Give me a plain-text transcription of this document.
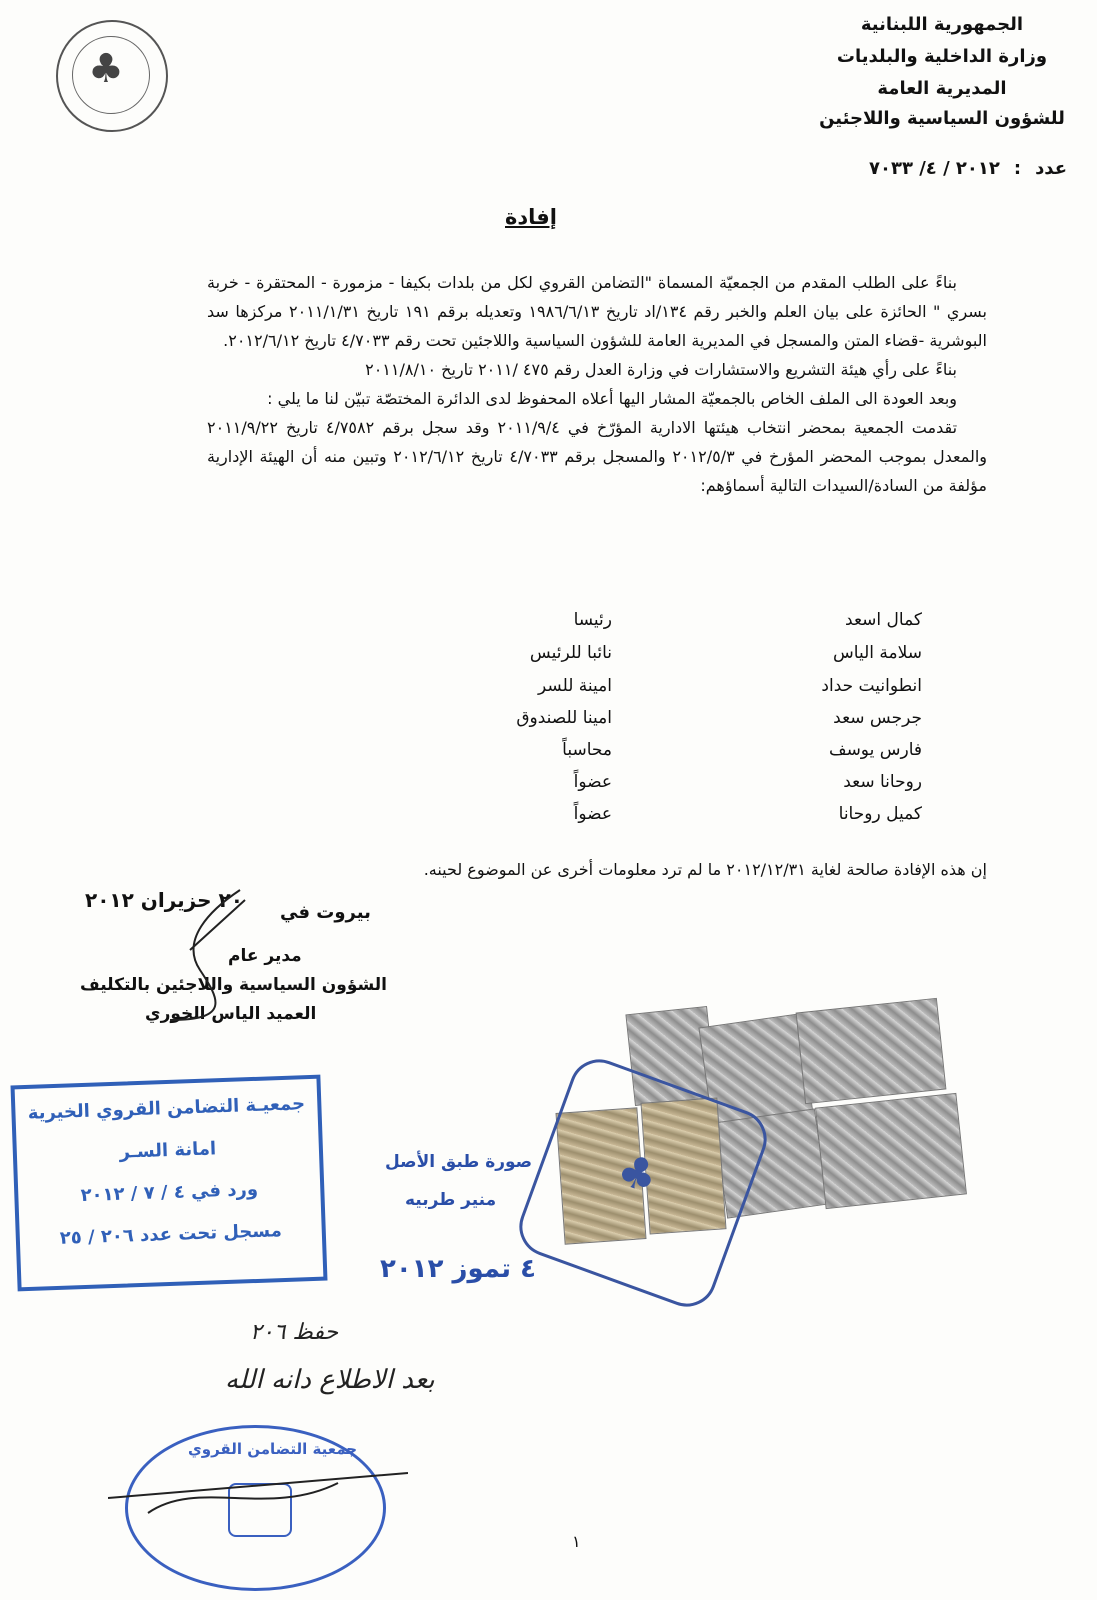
♣
الجمهورية اللبنانية
وزارة الداخلية والبلديات
المديرية العامة
للشؤون السياسية واللاجئين
عدد
:
٢٠١٢ / ٤/ ٧٠٣٣
إفادة

بناءً على الطلب المقدم من الجمعيّة المسماة "التضامن القروي لكل من بلدات بكيفا - مزمورة - المحتقرة - خربة بسري " الحائزة على بيان العلم والخبر رقم ١٣٤/اد تاريخ ١٩٨٦/٦/١٣ وتعديله برقم ١٩١ تاريخ ٢٠١١/١/٣١ مركزها سد البوشرية -قضاء المتن والمسجل في المديرية العامة للشؤون السياسية واللاجئين تحت رقم ٤/٧٠٣٣ تاريخ ٢٠١٢/٦/١٢.

بناءً على رأي هيئة التشريع والاستشارات في وزارة العدل رقم ٤٧٥ /٢٠١١ تاريخ ٢٠١١/٨/١٠

وبعد العودة الى الملف الخاص بالجمعيّة المشار اليها أعلاه المحفوظ لدى الدائرة المختصّة تبيّن لنا ما يلي :

تقدمت الجمعية بمحضر انتخاب هيئتها الادارية المؤرّخ في ٢٠١١/٩/٤ وقد سجل برقم ٤/٧٥٨٢ تاريخ ٢٠١١/٩/٢٢ والمعدل بموجب المحضر المؤرخ في ٢٠١٢/٥/٣ والمسجل برقم ٤/٧٠٣٣ تاريخ ٢٠١٢/٦/١٢ وتبين منه أن الهيئة الإدارية مؤلفة من السادة/السيدات التالية أسماؤهم:

كمال اسعد
رئيسا
سلامة الياس
نائبا للرئيس
انطوانيت حداد
امينة للسر
جرجس سعد
امينا للصندوق
فارس يوسف
محاسباً
روحانا سعد
عضواً
كميل روحانا
عضواً
إن هذه الإفادة صالحة لغاية ٢٠١٢/١٢/٣١ ما لم ترد معلومات أخرى عن الموضوع لحينه.
بيروت في
٢٠ حزيران ٢٠١٢
مدير عام
الشؤون السياسية واللاجئين بالتكليف
العميد الياس الخوري
جمعيـة التضامن القروي الخيرية
امانة السـر
ورد في ٤ / ٧ / ٢٠١٢
مسجل تحت عدد ٢٠٦ / ٢٥
♣
صورة طبق الأصل
منير طربيه
٤ تموز ٢٠١٢
حفظ ٢٠٦
بعد الاطلاع دانه الله
جمعية التضامن القروي
١
